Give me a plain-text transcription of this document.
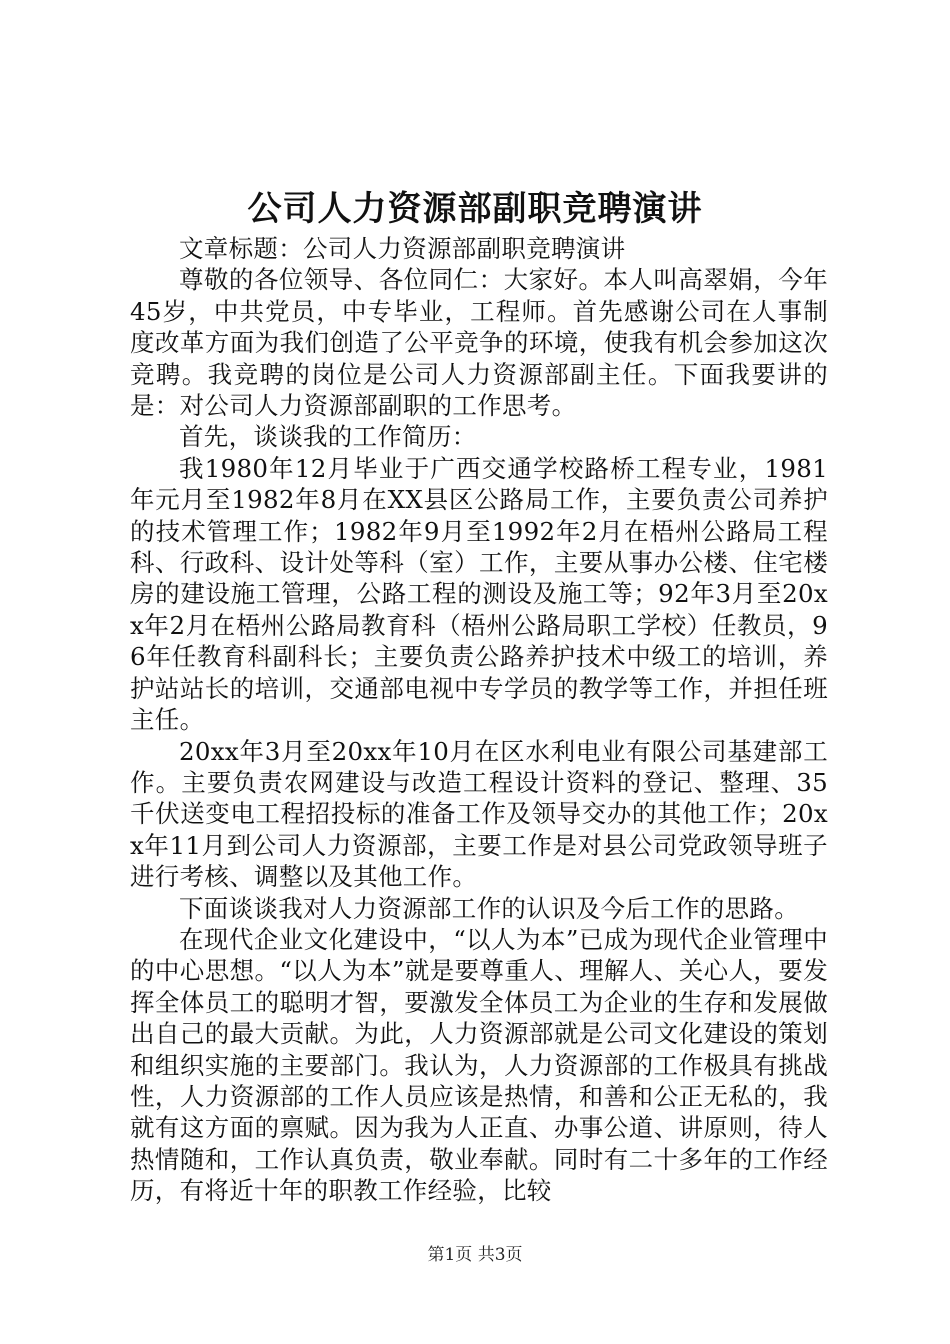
公司人力资源部副职竞聘演讲

文章标题：公司人力资源部副职竞聘演讲

尊敬的各位领导、各位同仁：大家好。本人叫高翠娟，今年45岁，中共党员，中专毕业，工程师。首先感谢公司在人事制度改革方面为我们创造了公平竞争的环境，使我有机会参加这次竞聘。我竞聘的岗位是公司人力资源部副主任。下面我要讲的是：对公司人力资源部副职的工作思考。

首先，谈谈我的工作简历：

我1980年12月毕业于广西交通学校路桥工程专业，1981年元月至1982年8月在XX县区公路局工作，主要负责公司养护的技术管理工作；1982年9月至1992年2月在梧州公路局工程科、行政科、设计处等科（室）工作，主要从事办公楼、住宅楼房的建设施工管理，公路工程的测设及施工等；92年3月至20xx年2月在梧州公路局教育科（梧州公路局职工学校）任教员，96年任教育科副科长；主要负责公路养护技术中级工的培训，养护站站长的培训，交通部电视中专学员的教学等工作，并担任班主任。

20xx年3月至20xx年10月在区水利电业有限公司基建部工作。主要负责农网建设与改造工程设计资料的登记、整理、35千伏送变电工程招投标的准备工作及领导交办的其他工作；20xx年11月到公司人力资源部，主要工作是对县公司党政领导班子进行考核、调整以及其他工作。

下面谈谈我对人力资源部工作的认识及今后工作的思路。

在现代企业文化建设中，“以人为本”已成为现代企业管理中的中心思想。“以人为本”就是要尊重人、理解人、关心人，要发挥全体员工的聪明才智，要激发全体员工为企业的生存和发展做出自己的最大贡献。为此，人力资源部就是公司文化建设的策划和组织实施的主要部门。我认为，人力资源部的工作极具有挑战性，人力资源部的工作人员应该是热情，和善和公正无私的，我就有这方面的禀赋。因为我为人正直、办事公道、讲原则，待人热情随和，工作认真负责，敬业奉献。同时有二十多年的工作经历，有将近十年的职教工作经验，比较

第1页 共3页
